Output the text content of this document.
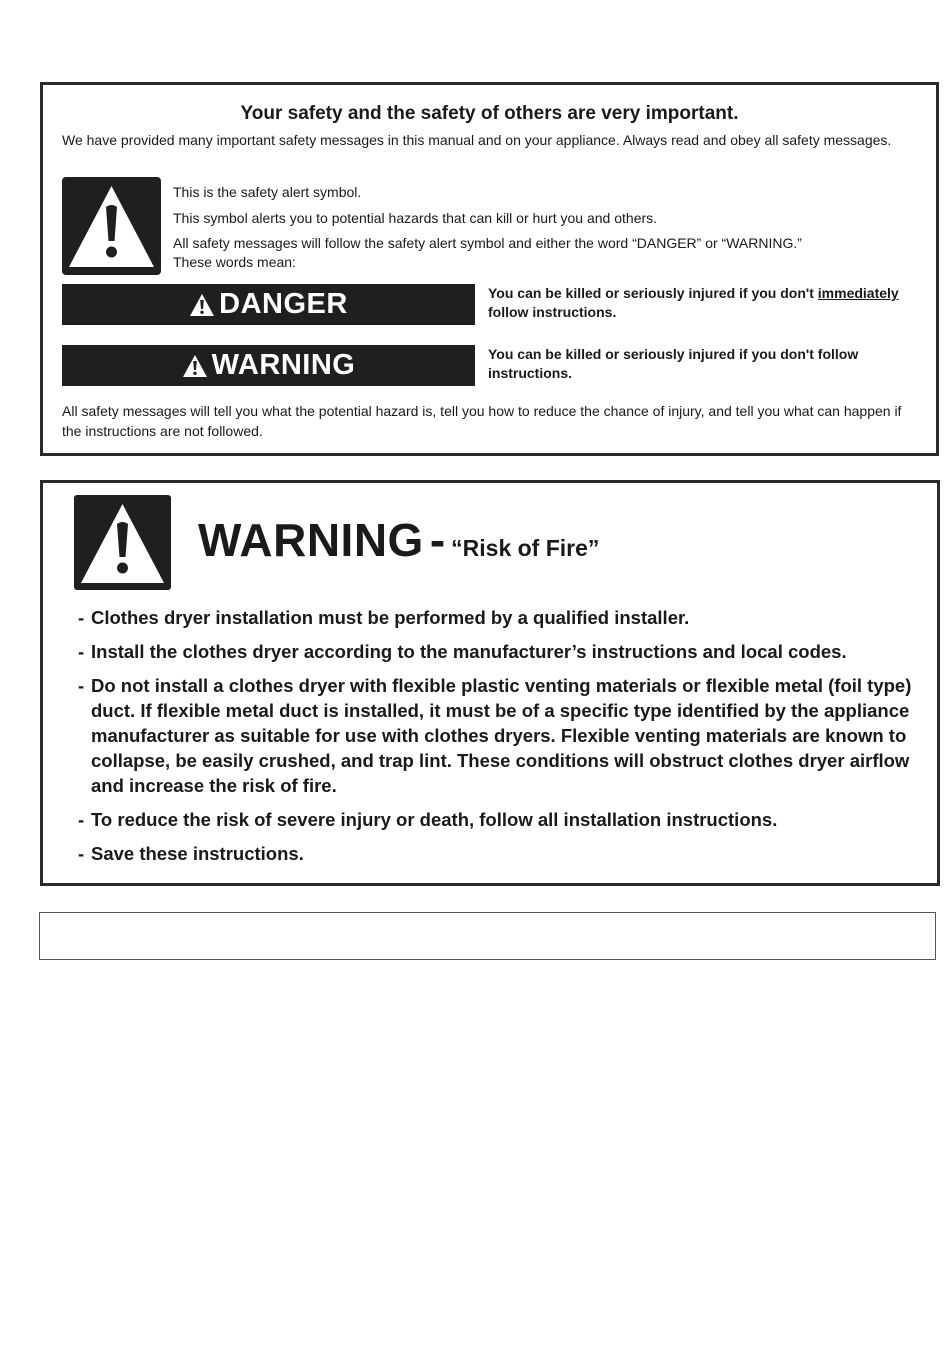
Your safety and the safety of others are very important.
We have provided many important safety messages in this manual and on your appliance. Always read and obey all safety messages.
This is the safety alert symbol.
This symbol alerts you to potential hazards that can kill or hurt you and others.
All safety messages will follow the safety alert symbol and either the word “DANGER” or “WARNING.”
These words mean:
DANGER	You can be killed or seriously injured if you don't immediately follow instructions.
WARNING	You can be killed or seriously injured if you don't follow instructions.
All safety messages will tell you what the potential hazard is, tell you how to reduce the chance of injury, and tell you what can happen if the instructions are not followed.
WARNING - “Risk of Fire”
- Clothes dryer installation must be performed by a qualified installer.
- Install the clothes dryer according to the manufacturer’s instructions and local codes.
- Do not install a clothes dryer with flexible plastic venting materials or flexible metal (foil type) duct. If flexible metal duct is installed, it must be of a specific type identified by the appliance manufacturer as suitable for use with clothes dryers. Flexible venting materials are known to collapse, be easily crushed, and trap lint. These conditions will obstruct clothes dryer airflow and increase the risk of fire.
- To reduce the risk of severe injury or death, follow all installation instructions.
- Save these instructions.
